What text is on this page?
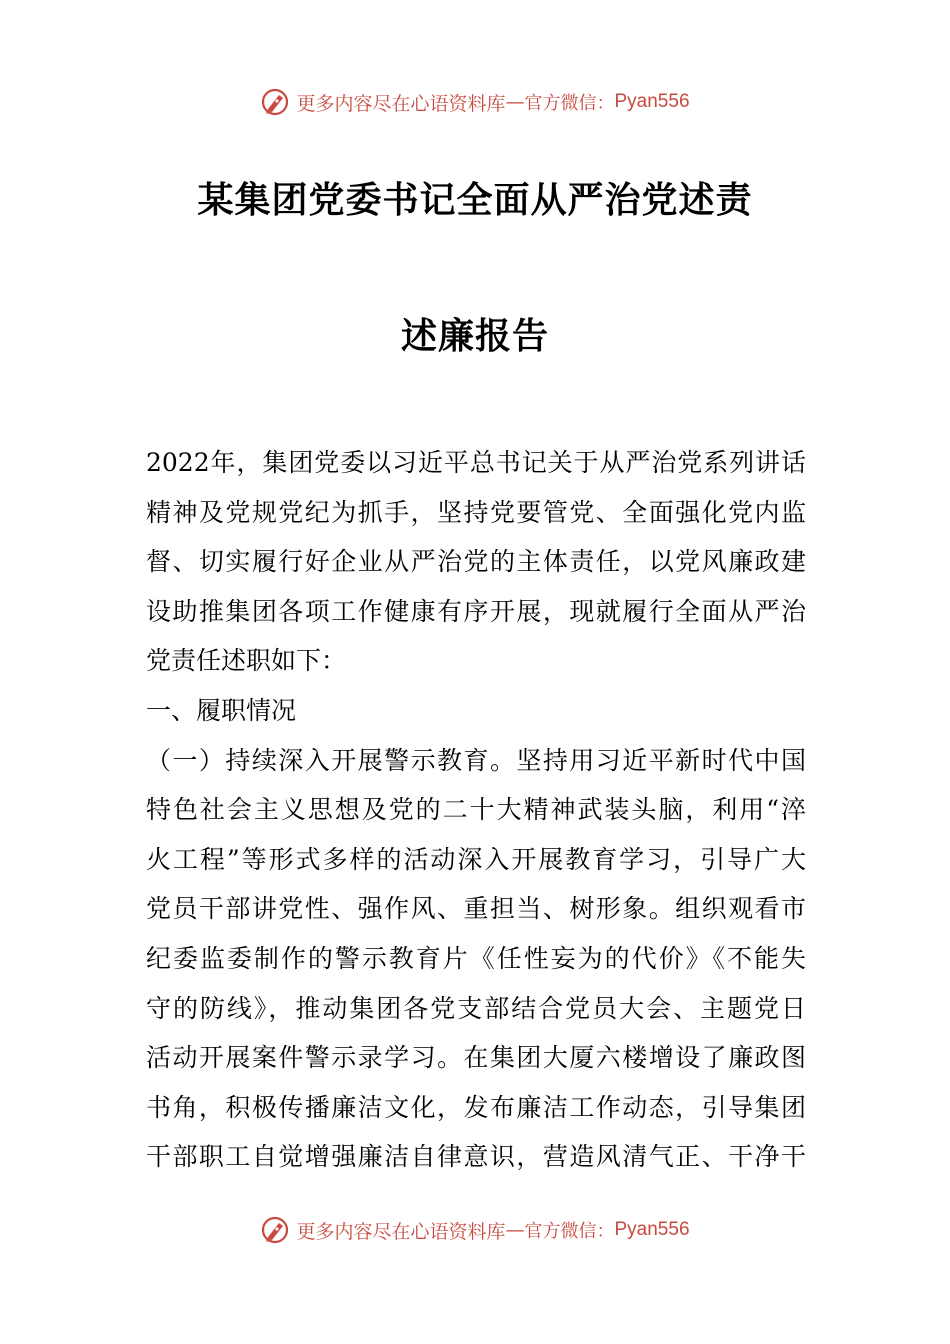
更多内容尽在心语资料库 — 官方微信： Pyan556
某集团党委书记全面从严治党述责
述廉报告
2022年，集团党委以习近平总书记关于从严治党系列讲话
精神及党规党纪为抓手，坚持党要管党、全面强化党内监
督、切实履行好企业从严治党的主体责任，以党风廉政建
设助推集团各项工作健康有序开展，现就履行全面从严治
党责任述职如下：
一、履职情况
（一）持续深入开展警示教育。坚持用习近平新时代中国
特色社会主义思想及党的二十大精神武装头脑，利用“淬
火工程”等形式多样的活动深入开展教育学习，引导广大
党员干部讲党性、强作风、重担当、树形象。组织观看市
纪委监委制作的警示教育片《任性妄为的代价》《不能失
守的防线》，推动集团各党支部结合党员大会、主题党日
活动开展案件警示录学习。在集团大厦六楼增设了廉政图
书角，积极传播廉洁文化，发布廉洁工作动态，引导集团
干部职工自觉增强廉洁自律意识，营造风清气正、干净干
更多内容尽在心语资料库 — 官方微信： Pyan556
